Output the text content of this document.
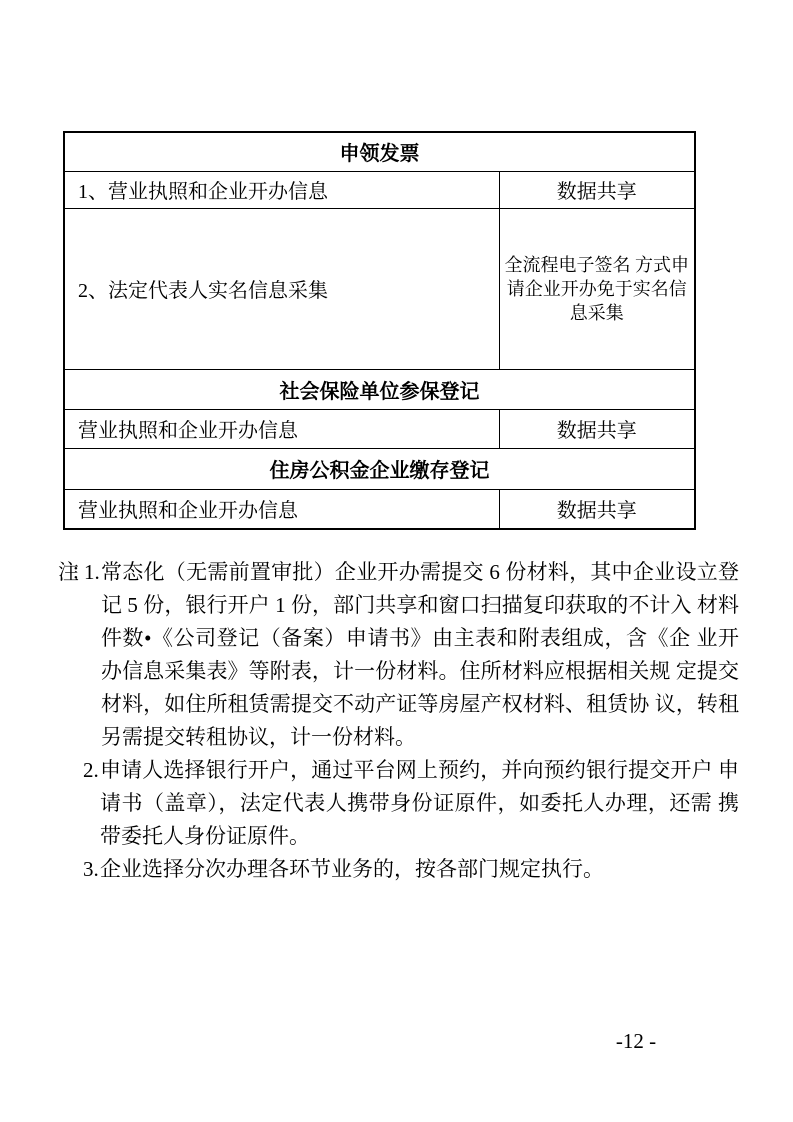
申领发票	
1、营业执照和企业开办信息	数据共享
2、法定代表人实名信息采集	全流程电子签名 方式申请企业开办免于实名信息采集
社会保险单位参保登记	
营业执照和企业开办信息	数据共享
住房公积金企业缴存登记	
营业执照和企业开办信息	数据共享
注： 1. 常态化（无需前置审批）企业开办需提交 6 份材料，其中企业设立登 记 5 份，银行开户 1 份，部门共享和窗口扫描复印获取的不计入 材料件数•《公司登记（备案）申请书》由主表和附表组成，含《企 业开办信息采集表》等附表，计一份材料。住所材料应根据相关规 定提交材料，如住所租赁需提交不动产证等房屋产权材料、租赁协 议，转租另需提交转租协议，计一份材料。
2. 申请人选择银行开户，通过平台网上预约，并向预约银行提交开户 申请书（盖章），法定代表人携带身份证原件，如委托人办理，还需 携带委托人身份证原件。
3. 企业选择分次办理各环节业务的，按各部门规定执行。
-12 -
